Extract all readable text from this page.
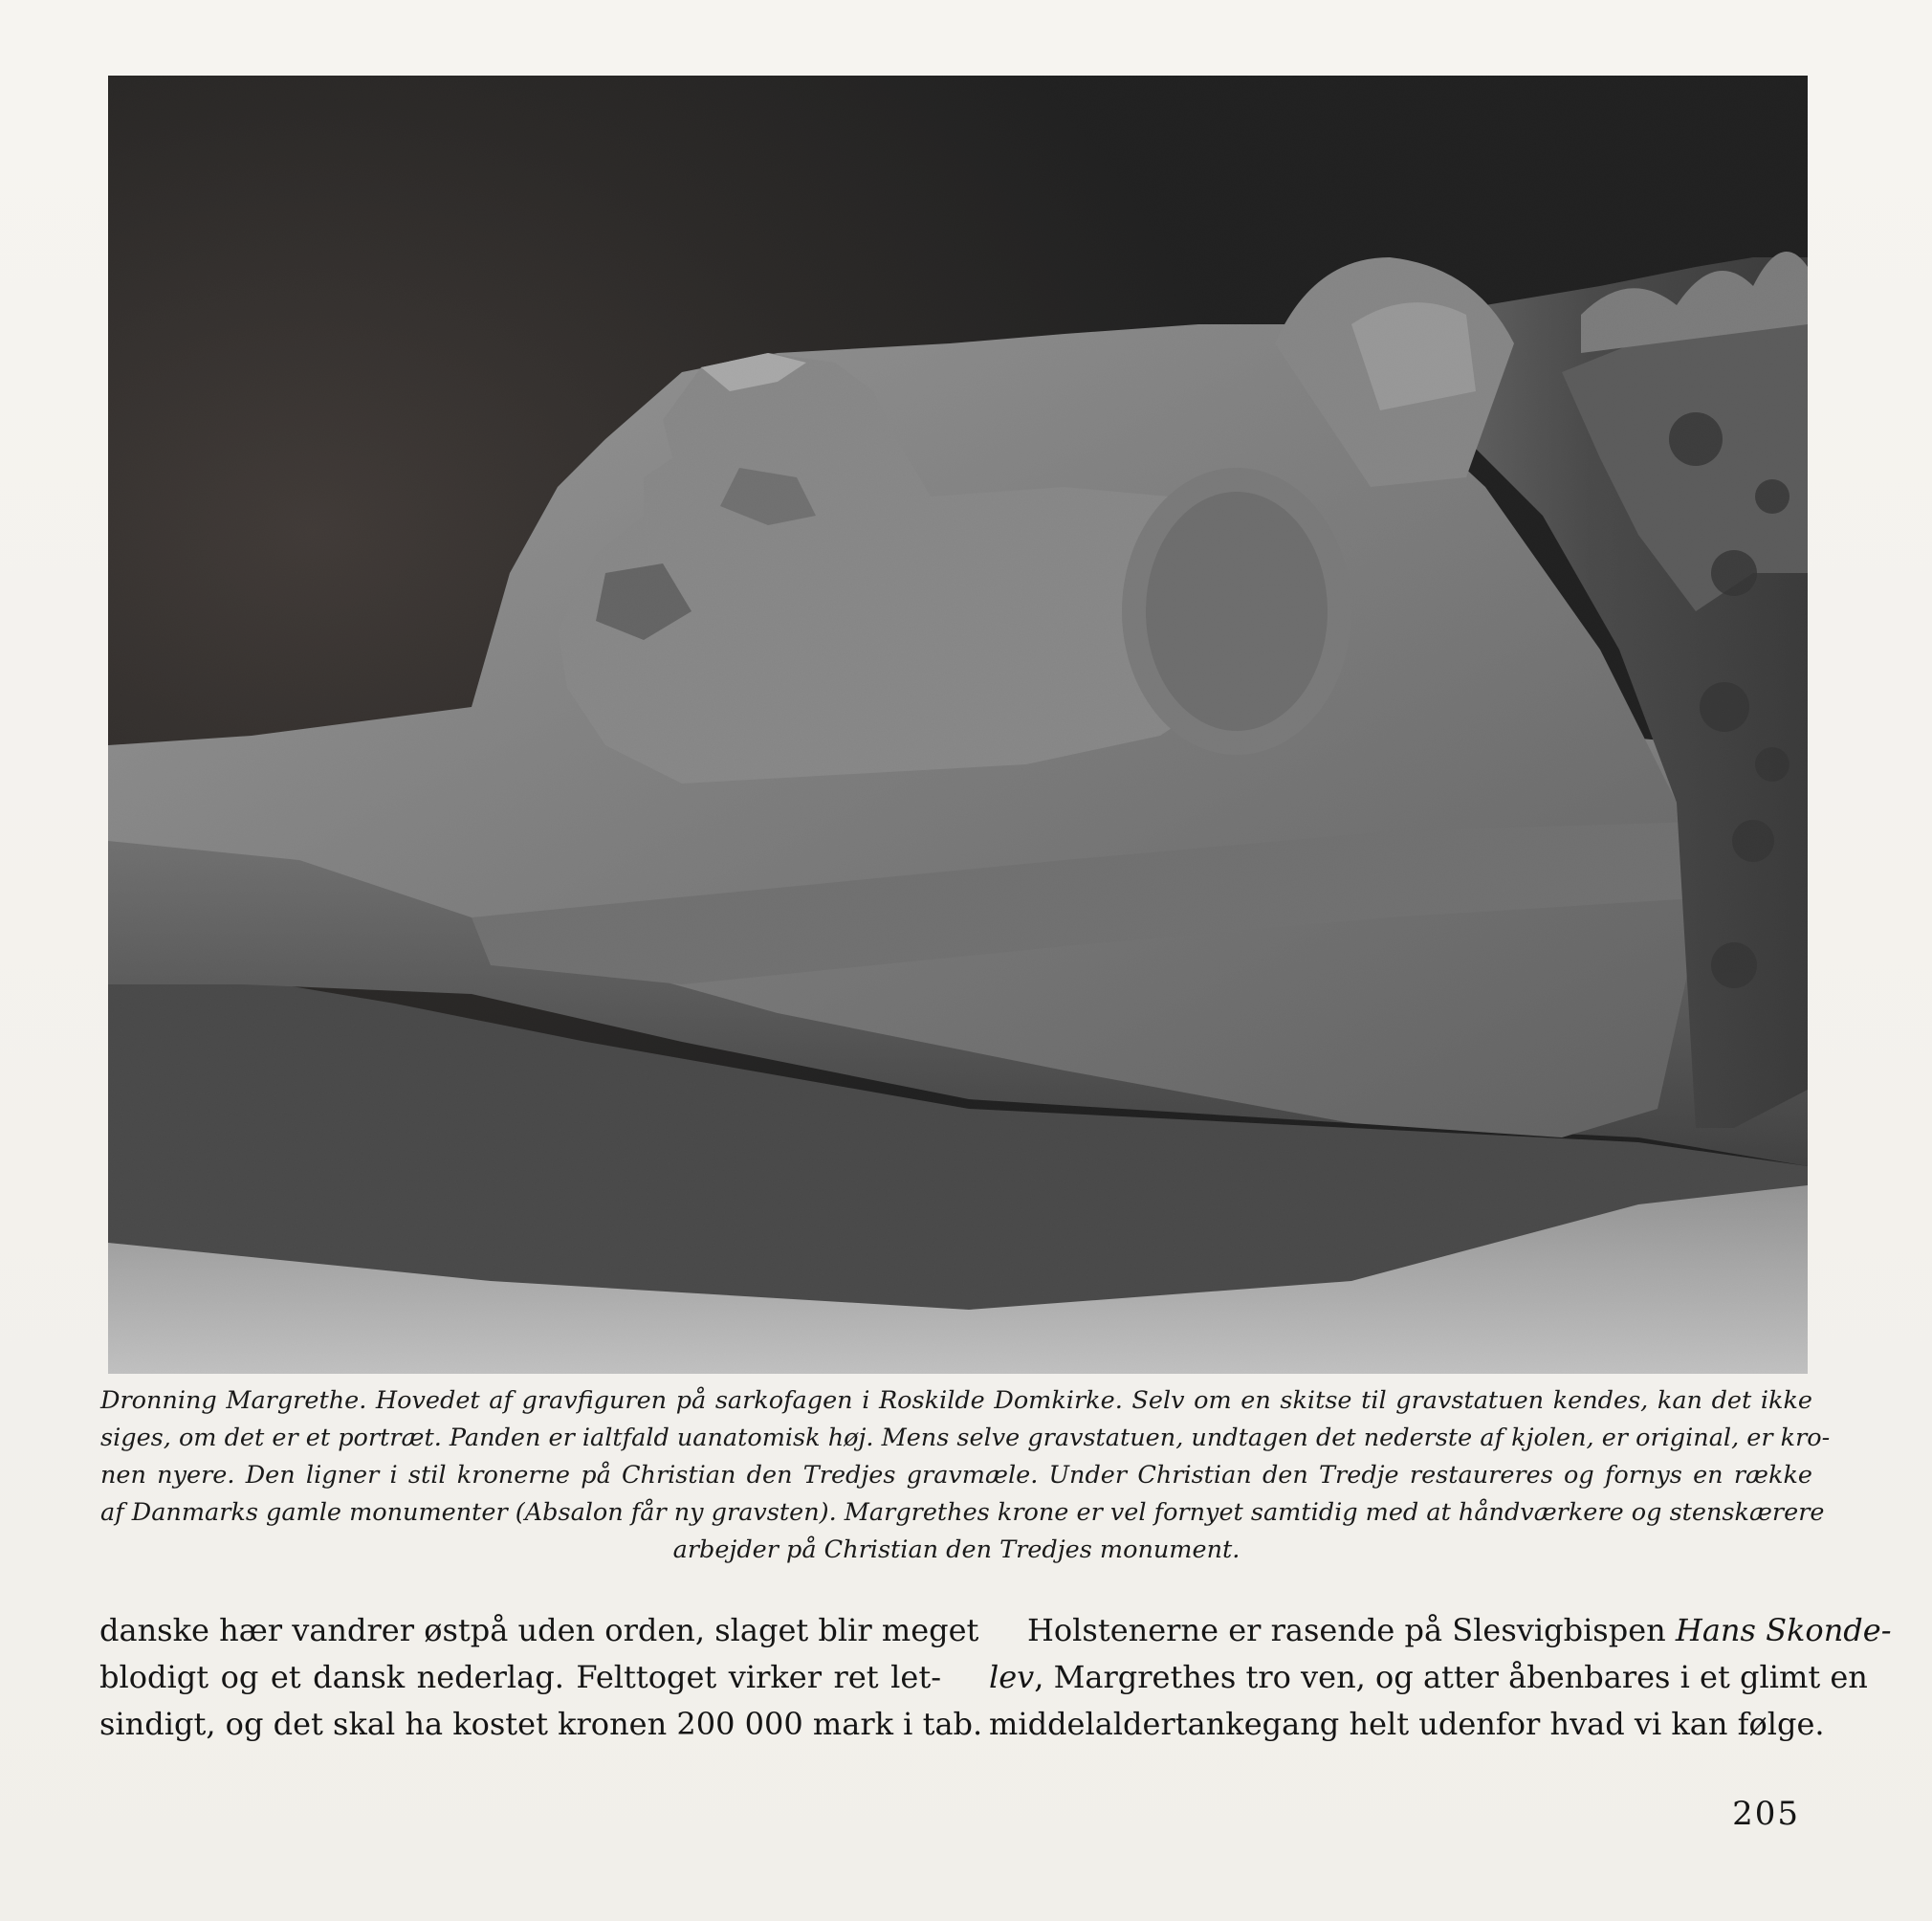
Dronning Margrethe. Hovedet af gravfiguren på sarkofagen i Roskilde Domkirke. Selv om en skitse til gravstatuen kendes, kan det ikke
siges, om det er et portræt. Panden er ialtfald uanatomisk høj. Mens selve gravstatuen, undtagen det nederste af kjolen, er original, er kro-
nen nyere. Den ligner i stil kronerne på Christian den Tredjes gravmæle. Under Christian den Tredje restaureres og fornys en række
af Danmarks gamle monumenter (Absalon får ny gravsten). Margrethes krone er vel fornyet samtidig med at håndværkere og stenskærere
arbejder på Christian den Tredjes monument.
danske hær vandrer østpå uden orden, slaget blir meget
blodigt og et dansk nederlag. Felttoget virker ret let-
sindigt, og det skal ha kostet kronen 200 000 mark i tab.
Holstenerne er rasende på Slesvigbispen Hans Skonde-
lev, Margrethes tro ven, og atter åbenbares i et glimt en
middelaldertankegang helt udenfor hvad vi kan følge.
205
